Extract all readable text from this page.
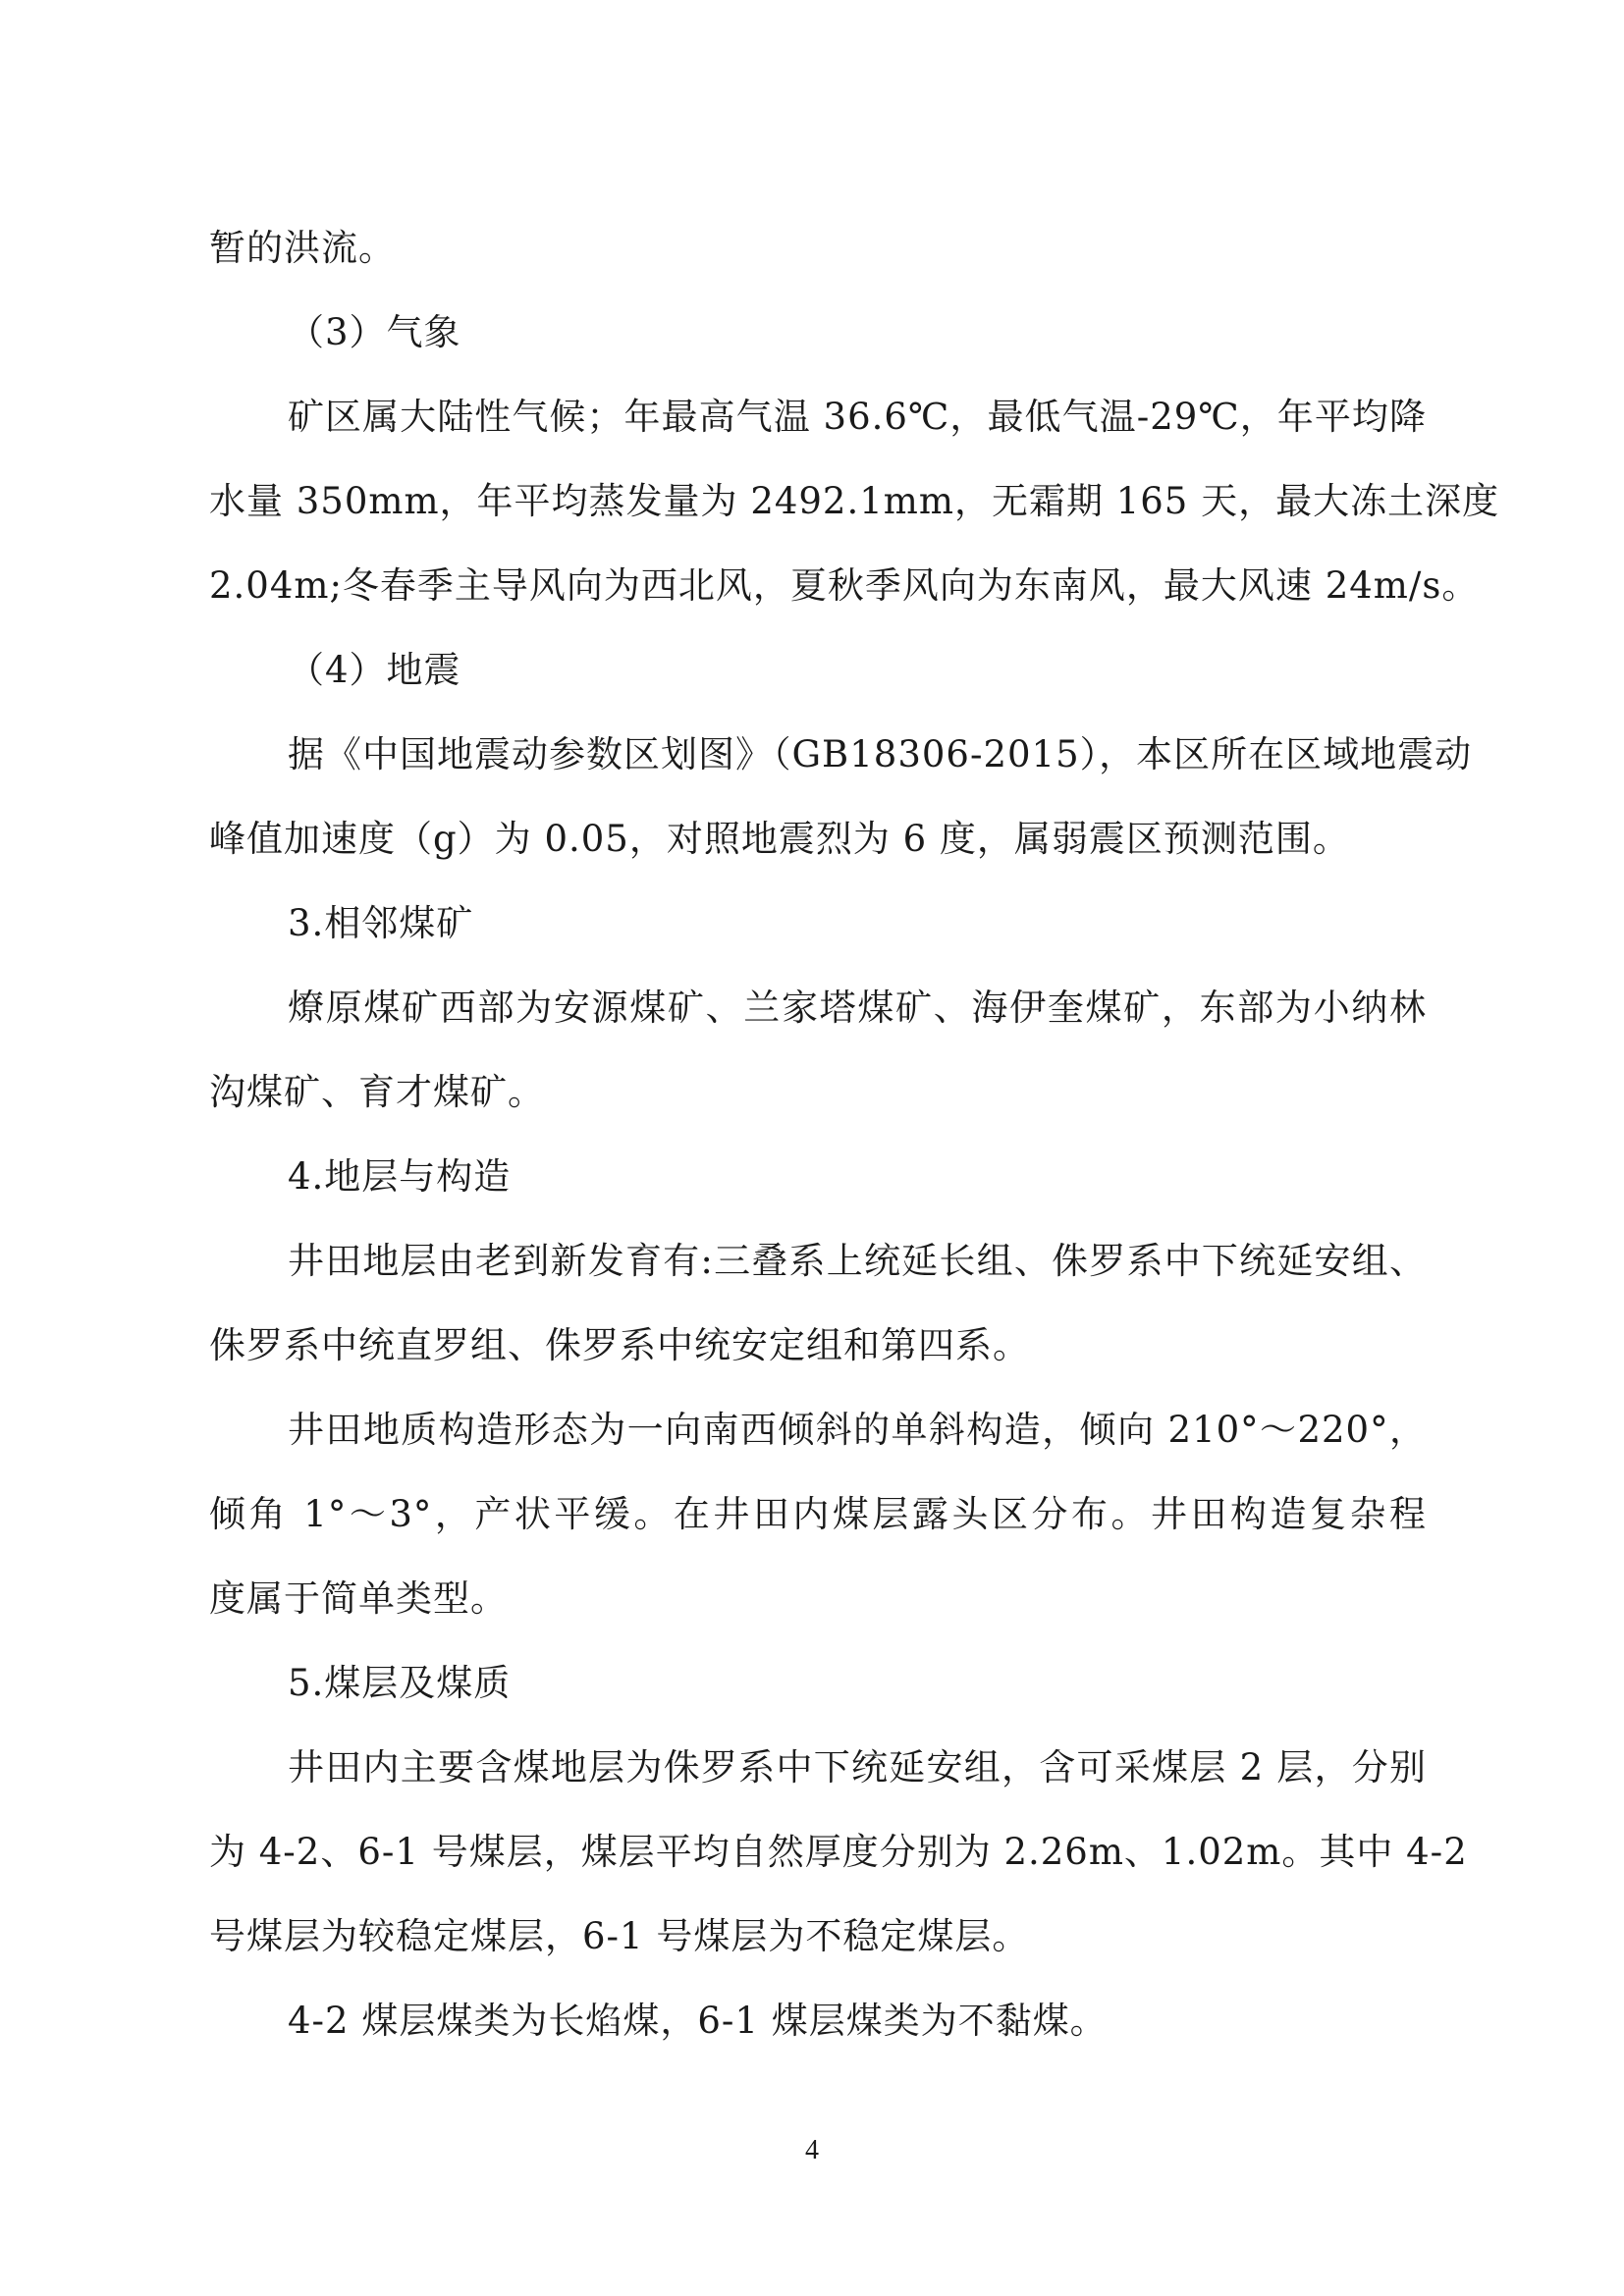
暂的洪流。
（3）气象
矿区属大陆性气候；年最高气温 36.6℃，最低气温-29℃，年平均降
水量 350mm，年平均蒸发量为 2492.1mm，无霜期 165 天，最大冻土深度
2.04m;冬春季主导风向为西北风，夏秋季风向为东南风，最大风速 24m/s。
（4）地震
据《中国地震动参数区划图》（GB18306-2015），本区所在区域地震动
峰值加速度（g）为 0.05，对照地震烈为 6 度，属弱震区预测范围。
3.相邻煤矿
燎原煤矿西部为安源煤矿、兰家塔煤矿、海伊奎煤矿，东部为小纳林
沟煤矿、育才煤矿。
4.地层与构造
井田地层由老到新发育有:三叠系上统延长组、侏罗系中下统延安组、
侏罗系中统直罗组、侏罗系中统安定组和第四系。
井田地质构造形态为一向南西倾斜的单斜构造，倾向 210°～220°，
倾角 1°～3°，产状平缓。在井田内煤层露头区分布。井田构造复杂程
度属于简单类型。
5.煤层及煤质
井田内主要含煤地层为侏罗系中下统延安组，含可采煤层 2 层，分别
为 4-2、6-1 号煤层，煤层平均自然厚度分别为 2.26m、1.02m。其中 4-2
号煤层为较稳定煤层，6-1 号煤层为不稳定煤层。
4-2 煤层煤类为长焰煤，6-1 煤层煤类为不黏煤。
4
